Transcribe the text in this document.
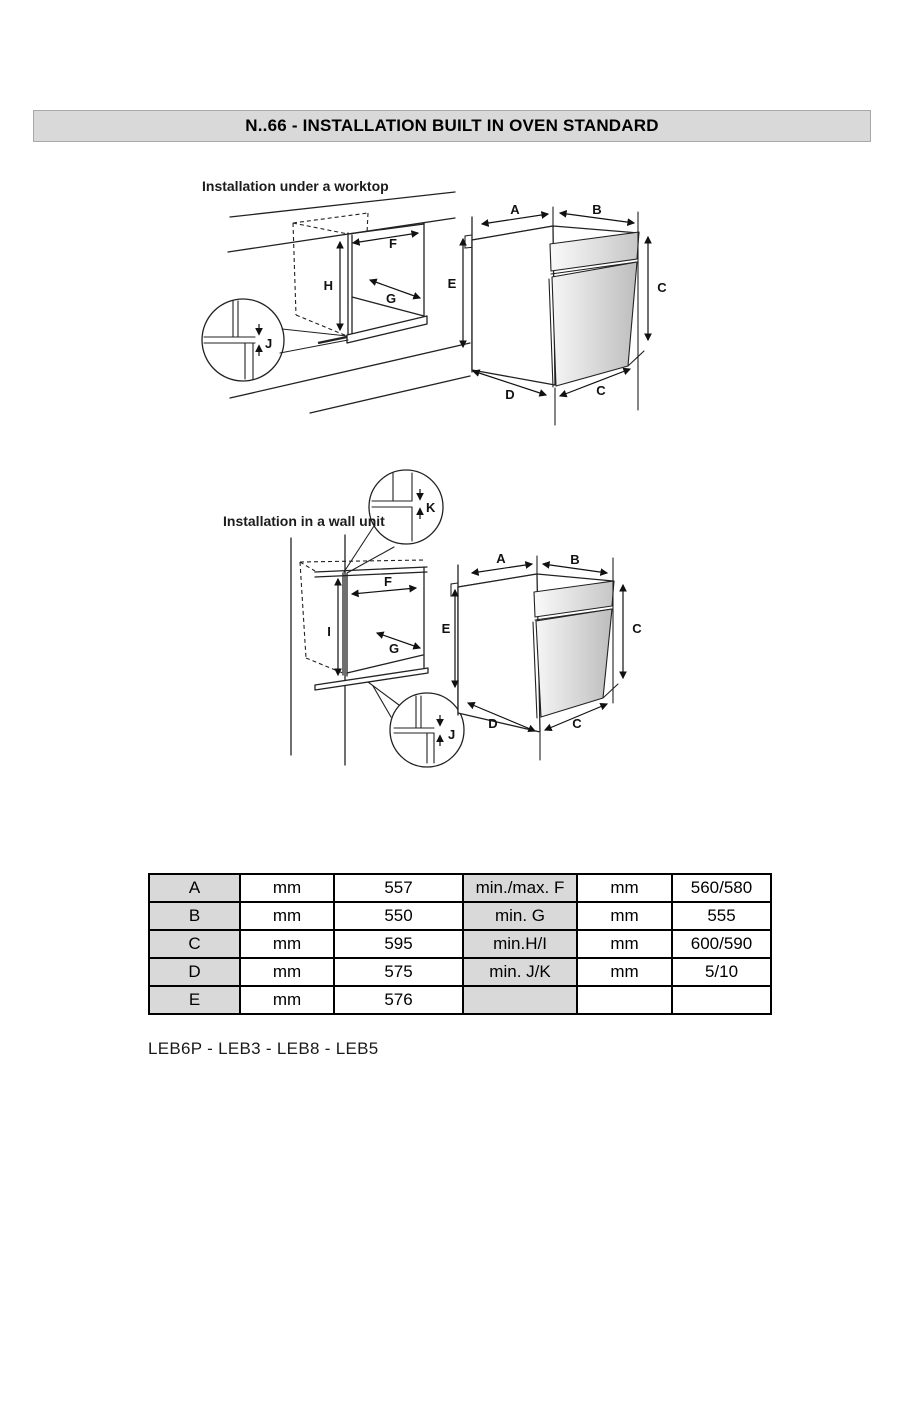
N..66 - INSTALLATION BUILT IN OVEN STANDARD
Installation under a worktop
J
H
F
G
A	B
E	C
D	C
Installation in a wall unit
K
J
F
I
G
A	B
E	C
D	C
A	mm	557	min./max. F	mm	560/580
B	mm	550	min. G	mm	555
C	mm	595	min.H/I	mm	600/590
D	mm	575	min. J/K	mm	5/10
E	mm	576			
LEB6P - LEB3 - LEB8 - LEB5
